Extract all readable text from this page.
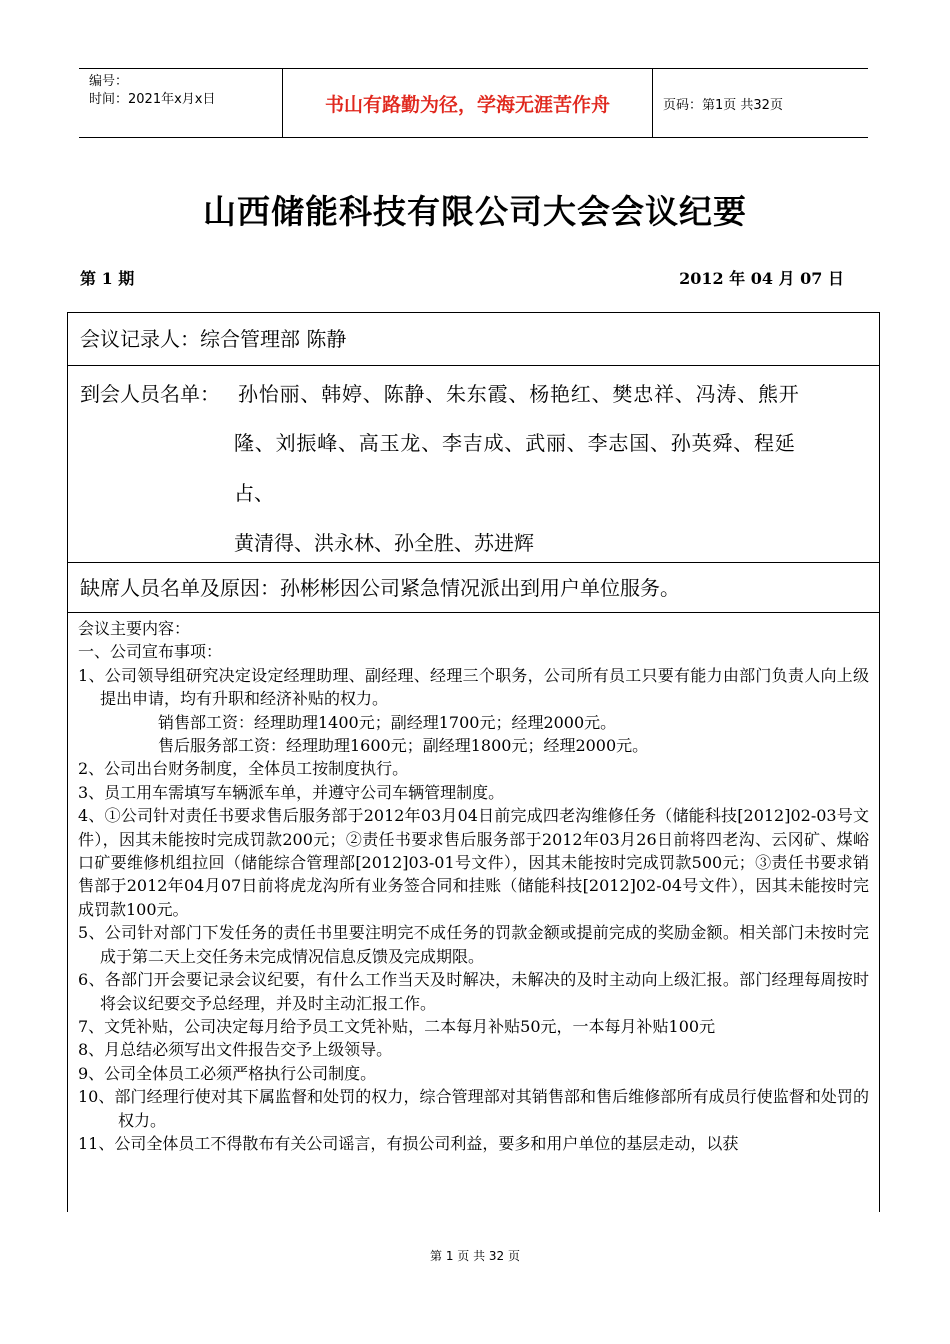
编号：
时间：2021年x月x日	书山有路勤为径，学海无涯苦作舟	页码：第1页 共32页
山西储能科技有限公司大会会议纪要
第 1 期	2012 年 04 月 07 日
会议记录人：综合管理部 陈静
到会人员名单： 孙怡丽、韩婷、陈静、朱东霞、杨艳红、樊忠祥、冯涛、熊开
隆、刘振峰、高玉龙、李吉成、武丽、李志国、孙英舜、程延
占、
黄清得、洪永林、孙全胜、苏进辉
缺席人员名单及原因：孙彬彬因公司紧急情况派出到用户单位服务。

会议主要内容：

一、公司宣布事项：

1、公司领导组研究决定设定经理助理、副经理、经理三个职务，公司所有员工只要有能力由部门负责人向上级提出申请，均有升职和经济补贴的权力。

销售部工资：经理助理1400元；副经理1700元；经理2000元。

售后服务部工资：经理助理1600元；副经理1800元；经理2000元。

2、公司出台财务制度，全体员工按制度执行。

3、员工用车需填写车辆派车单，并遵守公司车辆管理制度。

4、①公司针对责任书要求售后服务部于2012年03月04日前完成四老沟维修任务（储能科技[2012]02-03号文件），因其未能按时完成罚款200元；②责任书要求售后服务部于2012年03月26日前将四老沟、云冈矿、煤峪口矿要维修机组拉回（储能综合管理部[2012]03-01号文件），因其未能按时完成罚款500元；③责任书要求销售部于2012年04月07日前将虎龙沟所有业务签合同和挂账（储能科技[2012]02-04号文件），因其未能按时完成罚款100元。

5、公司针对部门下发任务的责任书里要注明完不成任务的罚款金额或提前完成的奖励金额。相关部门未按时完成于第二天上交任务未完成情况信息反馈及完成期限。

6、各部门开会要记录会议纪要，有什么工作当天及时解决，未解决的及时主动向上级汇报。部门经理每周按时将会议纪要交予总经理，并及时主动汇报工作。

7、文凭补贴，公司决定每月给予员工文凭补贴，二本每月补贴50元，一本每月补贴100元

8、月总结必须写出文件报告交予上级领导。

9、公司全体员工必须严格执行公司制度。

10、部门经理行使对其下属监督和处罚的权力，综合管理部对其销售部和售后维修部所有成员行使监督和处罚的权力。

11、公司全体员工不得散布有关公司谣言，有损公司利益，要多和用户单位的基层走动，以获

第 1 页 共 32 页
